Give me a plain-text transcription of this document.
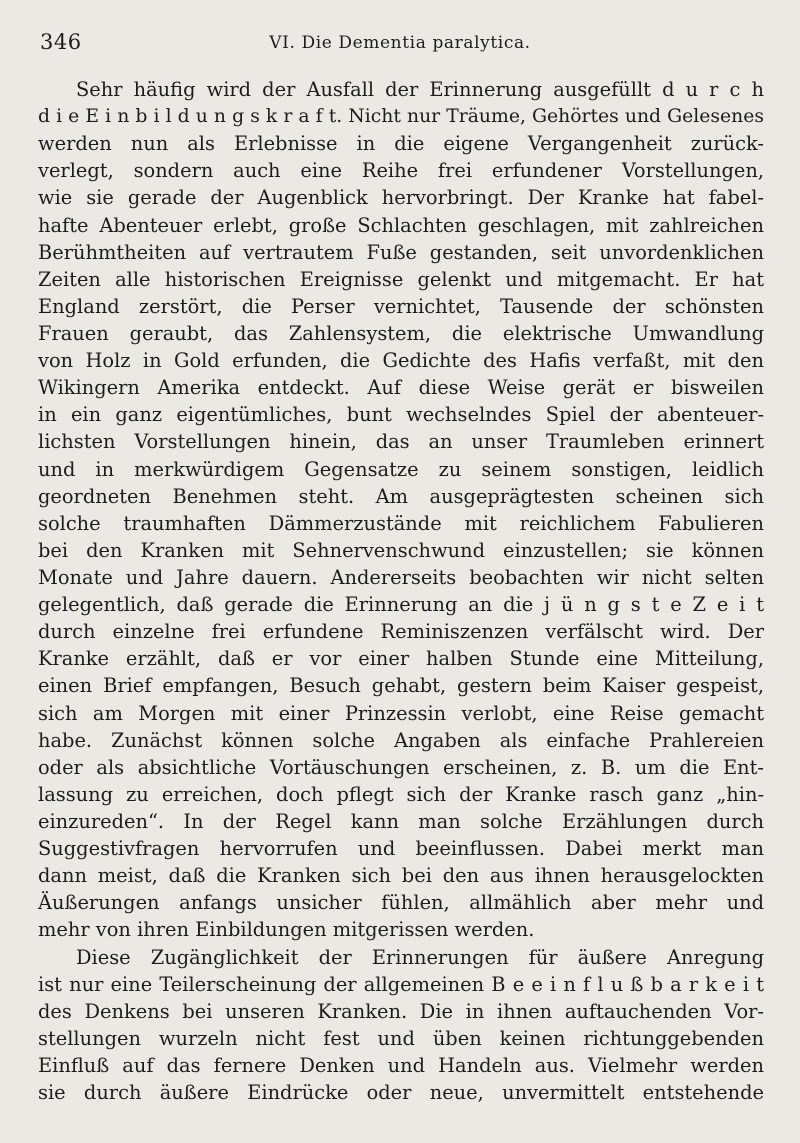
346	VI. Die Dementia paralytica.
Sehr häufig wird der Ausfall der Erinnerung ausgefüllt d u r c h
d i e E i n b i l d u n g s k r a f t. Nicht nur Träume, Gehörtes und Gelesenes
werden nun als Erlebnisse in die eigene Vergangenheit zurück-
verlegt, sondern auch eine Reihe frei erfundener Vorstellungen,
wie sie gerade der Augenblick hervorbringt. Der Kranke hat fabel-
hafte Abenteuer erlebt, große Schlachten geschlagen, mit zahlreichen
Berühmtheiten auf vertrautem Fuße gestanden, seit unvordenklichen
Zeiten alle historischen Ereignisse gelenkt und mitgemacht. Er hat
England zerstört, die Perser vernichtet, Tausende der schönsten
Frauen geraubt, das Zahlensystem, die elektrische Umwandlung
von Holz in Gold erfunden, die Gedichte des Hafis verfaßt, mit den
Wikingern Amerika entdeckt. Auf diese Weise gerät er bisweilen
in ein ganz eigentümliches, bunt wechselndes Spiel der abenteuer-
lichsten Vorstellungen hinein, das an unser Traumleben erinnert
und in merkwürdigem Gegensatze zu seinem sonstigen, leidlich
geordneten Benehmen steht. Am ausgeprägtesten scheinen sich
solche traumhaften Dämmerzustände mit reichlichem Fabulieren
bei den Kranken mit Sehnervenschwund einzustellen; sie können
Monate und Jahre dauern. Andererseits beobachten wir nicht selten
gelegentlich, daß gerade die Erinnerung an die j ü n g s t e Z e i t
durch einzelne frei erfundene Reminiszenzen verfälscht wird. Der
Kranke erzählt, daß er vor einer halben Stunde eine Mitteilung,
einen Brief empfangen, Besuch gehabt, gestern beim Kaiser gespeist,
sich am Morgen mit einer Prinzessin verlobt, eine Reise gemacht
habe. Zunächst können solche Angaben als einfache Prahlereien
oder als absichtliche Vortäuschungen erscheinen, z. B. um die Ent-
lassung zu erreichen, doch pflegt sich der Kranke rasch ganz „hin-
einzureden“. In der Regel kann man solche Erzählungen durch
Suggestivfragen hervorrufen und beeinflussen. Dabei merkt man
dann meist, daß die Kranken sich bei den aus ihnen herausgelockten
Äußerungen anfangs unsicher fühlen, allmählich aber mehr und
mehr von ihren Einbildungen mitgerissen werden.
Diese Zugänglichkeit der Erinnerungen für äußere Anregung
ist nur eine Teilerscheinung der allgemeinen B e e i n f l u ß b a r k e i t
des Denkens bei unseren Kranken. Die in ihnen auftauchenden Vor-
stellungen wurzeln nicht fest und üben keinen richtunggebenden
Einfluß auf das fernere Denken und Handeln aus. Vielmehr werden
sie durch äußere Eindrücke oder neue, unvermittelt entstehende
